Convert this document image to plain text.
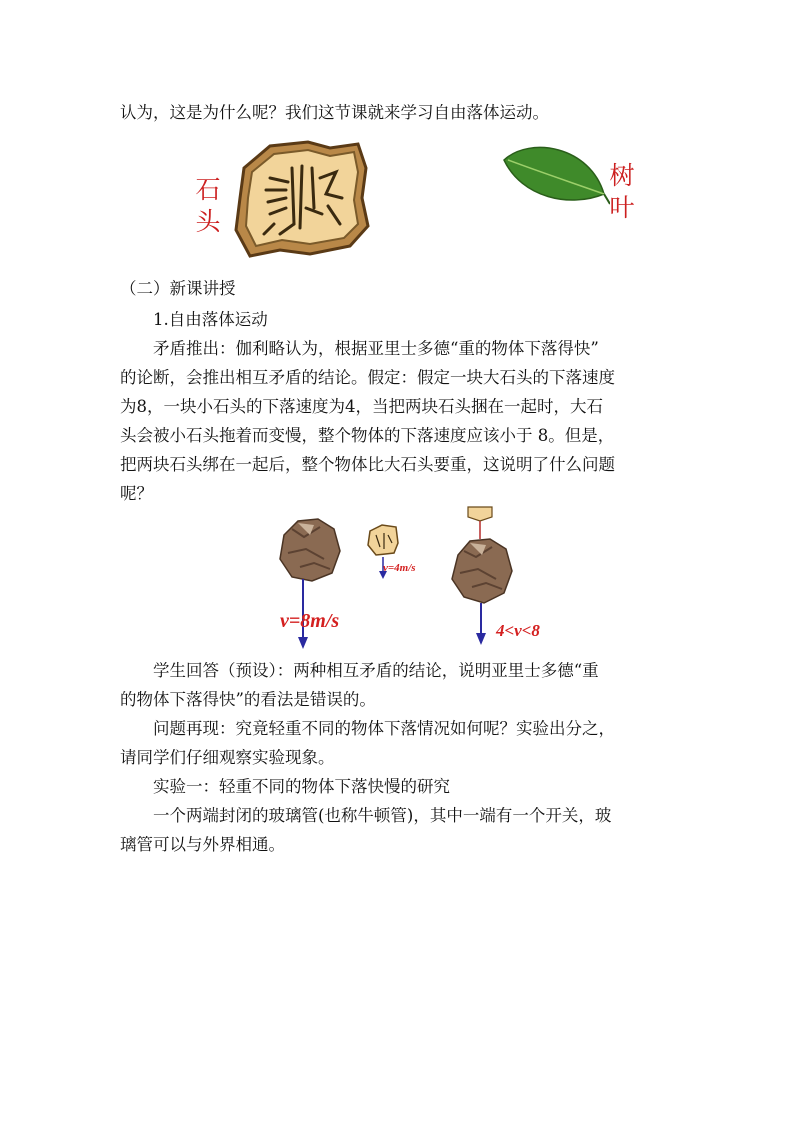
认为，这是为什么呢？我们这节课就来学习自由落体运动。
石
头
树
叶
（二）新课讲授
1.自由落体运动
矛盾推出：伽利略认为，根据亚里士多德“重的物体下落得快”
的论断，会推出相互矛盾的结论。假定：假定一块大石头的下落速度
为8，一块小石头的下落速度为4，当把两块石头捆在一起时，大石
头会被小石头拖着而变慢，整个物体的下落速度应该小于 8。但是，
把两块石头绑在一起后，整个物体比大石头要重，这说明了什么问题
呢？
v=8m/s
v=4m/s
4<v<8
学生回答（预设）：两种相互矛盾的结论，说明亚里士多德“重
的物体下落得快”的看法是错误的。
问题再现：究竟轻重不同的物体下落情况如何呢？实验出分之，
请同学们仔细观察实验现象。
实验一：轻重不同的物体下落快慢的研究
一个两端封闭的玻璃管(也称牛顿管)，其中一端有一个开关，玻
璃管可以与外界相通。
